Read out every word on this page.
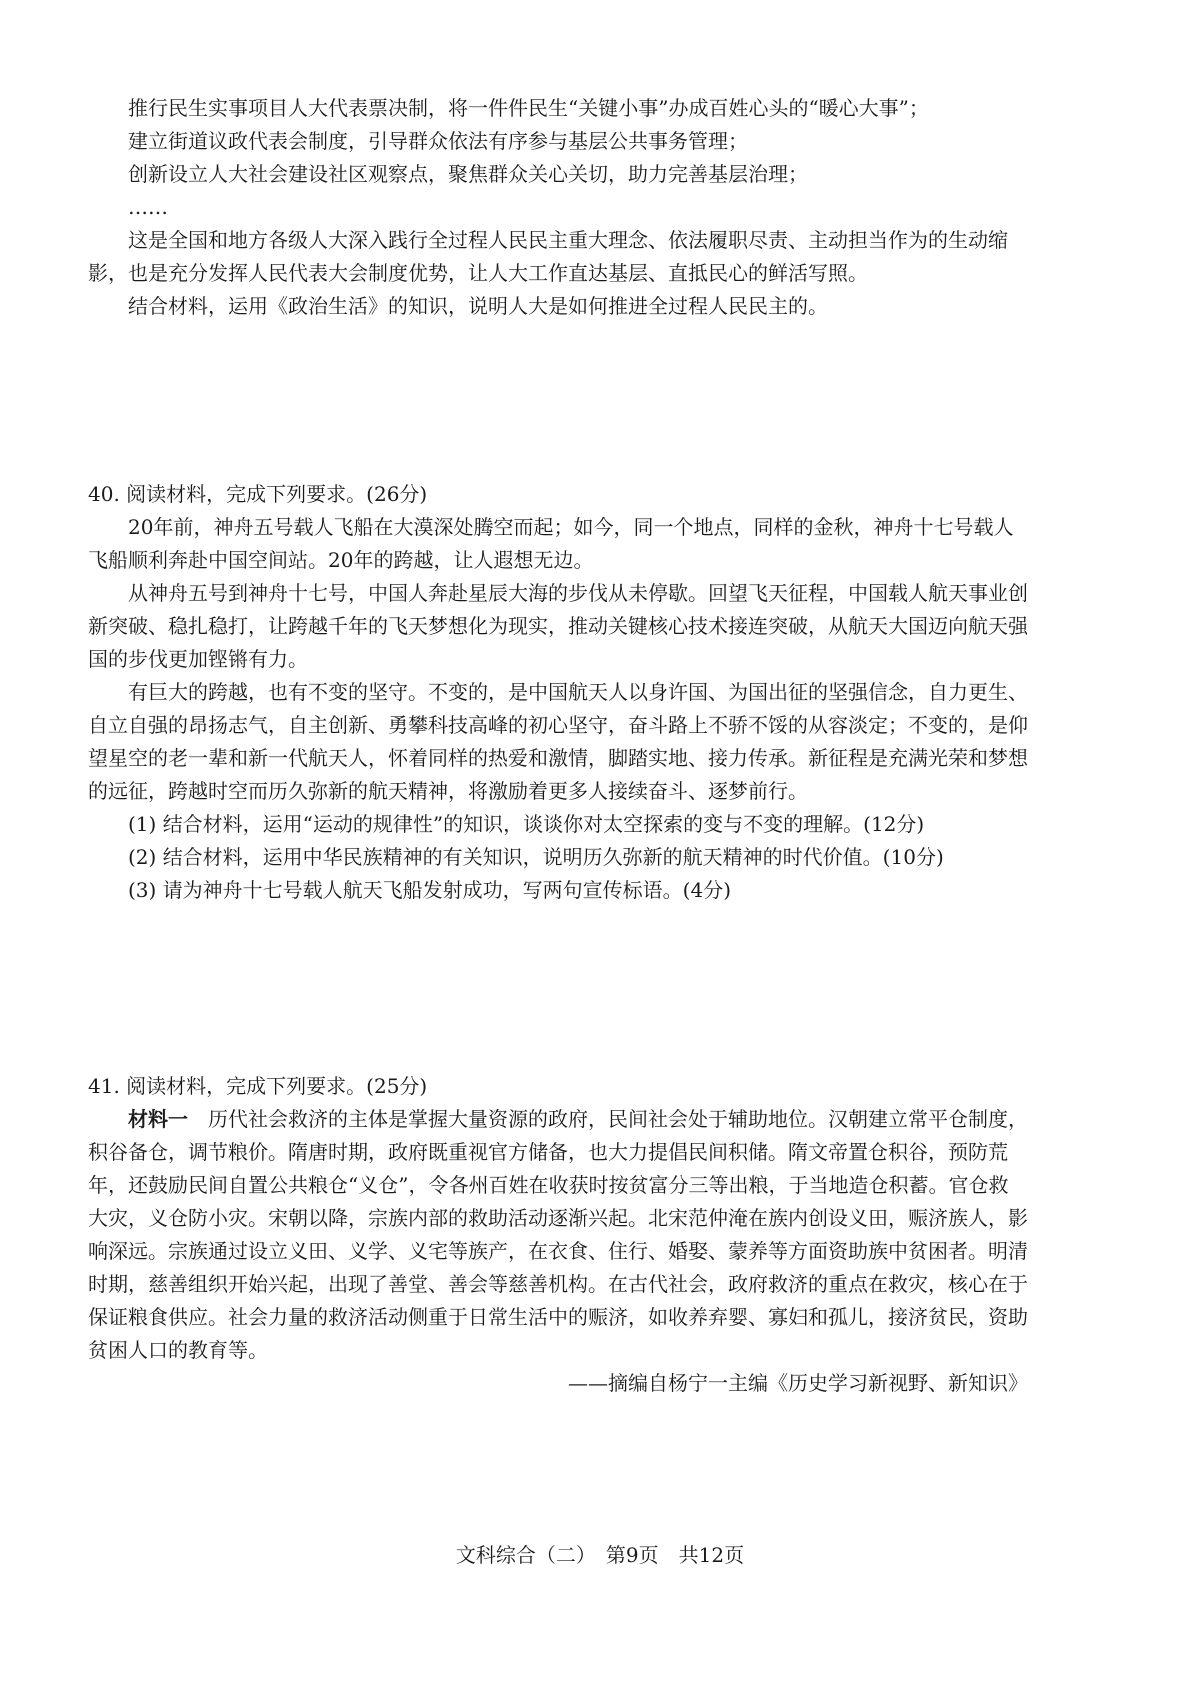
推行民生实事项目人大代表票决制，将一件件民生“关键小事”办成百姓心头的“暖心大事”；

建立街道议政代表会制度，引导群众依法有序参与基层公共事务管理；

创新设立人大社会建设社区观察点，聚焦群众关心关切，助力完善基层治理；

……

这是全国和地方各级人大深入践行全过程人民民主重大理念、依法履职尽责、主动担当作为的生动缩影，也是充分发挥人民代表大会制度优势，让人大工作直达基层、直抵民心的鲜活写照。

结合材料，运用《政治生活》的知识，说明人大是如何推进全过程人民民主的。

40. 阅读材料，完成下列要求。(26分)

20年前，神舟五号载人飞船在大漠深处腾空而起；如今，同一个地点，同样的金秋，神舟十七号载人飞船顺利奔赴中国空间站。20年的跨越，让人遐想无边。

从神舟五号到神舟十七号，中国人奔赴星辰大海的步伐从未停歇。回望飞天征程，中国载人航天事业创新突破、稳扎稳打，让跨越千年的飞天梦想化为现实，推动关键核心技术接连突破，从航天大国迈向航天强国的步伐更加铿锵有力。

有巨大的跨越，也有不变的坚守。不变的，是中国航天人以身许国、为国出征的坚强信念，自力更生、自立自强的昂扬志气，自主创新、勇攀科技高峰的初心坚守，奋斗路上不骄不馁的从容淡定；不变的，是仰望星空的老一辈和新一代航天人，怀着同样的热爱和激情，脚踏实地、接力传承。新征程是充满光荣和梦想的远征，跨越时空而历久弥新的航天精神，将激励着更多人接续奋斗、逐梦前行。

(1) 结合材料，运用“运动的规律性”的知识，谈谈你对太空探索的变与不变的理解。(12分)

(2) 结合材料，运用中华民族精神的有关知识，说明历久弥新的航天精神的时代价值。(10分)

(3) 请为神舟十七号载人航天飞船发射成功，写两句宣传标语。(4分)

41. 阅读材料，完成下列要求。(25分)

材料一　历代社会救济的主体是掌握大量资源的政府，民间社会处于辅助地位。汉朝建立常平仓制度，积谷备仓，调节粮价。隋唐时期，政府既重视官方储备，也大力提倡民间积储。隋文帝置仓积谷，预防荒年，还鼓励民间自置公共粮仓“义仓”，令各州百姓在收获时按贫富分三等出粮，于当地造仓积蓄。官仓救大灾，义仓防小灾。宋朝以降，宗族内部的救助活动逐渐兴起。北宋范仲淹在族内创设义田，赈济族人，影响深远。宗族通过设立义田、义学、义宅等族产，在衣食、住行、婚娶、蒙养等方面资助族中贫困者。明清时期，慈善组织开始兴起，出现了善堂、善会等慈善机构。在古代社会，政府救济的重点在救灾，核心在于保证粮食供应。社会力量的救济活动侧重于日常生活中的赈济，如收养弃婴、寡妇和孤儿，接济贫民，资助贫困人口的教育等。

——摘编自杨宁一主编《历史学习新视野、新知识》
文科综合（二）　第9页　共12页
